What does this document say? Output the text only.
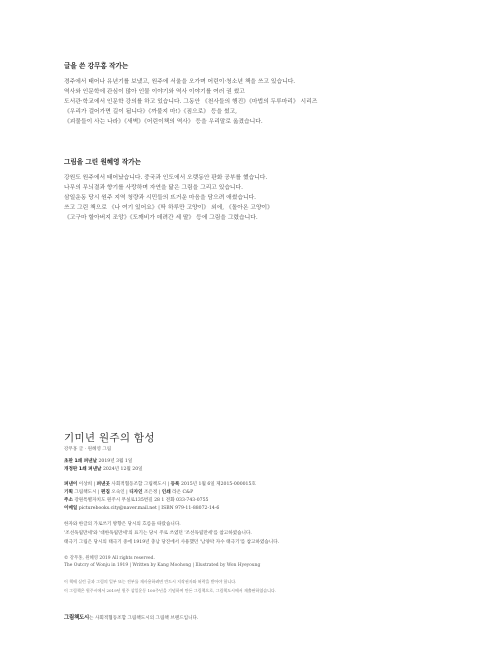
글을 쓴 강무홍 작가는
경주에서 태어나 유년기를 보냈고, 원주에 서울을 오가며 어린이·청소년 책을 쓰고 있습니다.
역사와 인문학에 관심이 많아 인물 이야기와 역사 이야기를 여러 권 썼고
도서관·학교에서 인문학 강의를 하고 있습니다. 그동안 《천사들의 행진》《마법의 두루마리》 시리즈
《우리가 걸어가면 길이 됩니다》《까불지 마!》《짐으로》 등을 썼고,
《괴물들이 사는 나라》《새벽》《어린이책의 역사》 등을 우리말로 옮겼습니다.
그림을 그린 원혜영 작가는
강원도 원주에서 태어났습니다. 중국과 인도에서 오랫동안 판화 공부를 했습니다.
나무의 무늬결과 향기를 사랑하며 자연을 닮은 그림을 그리고 있습니다.
삼일운동 당시 원주 지역 청량과 시민들의 뜨거운 마음을 담으려 애썼습니다.
쓰고 그린 책으로 《나 여기 있어요》《딱 하루만 고양이》 외에, 《돌아온 고양이》
《고구마 할아버지 조앙》《도깨비가 데려간 세 딸》 등에 그림을 그렸습니다.
기미년 원주의 함성
강무홍 글 · 원혜영 그림
초판 1쇄 펴낸날 2019년 3월 1일
개정판 1쇄 펴낸날 2024년 12월 20일
펴낸이 이상희 | 펴낸곳 사회적협동조합 그림책도시 | 등록 2015년 1월 6일 제2015-000015호
기획 그림책도시 | 편집 오숙인 | 디자인 조은정 | 인쇄 라온 C&P
주소 강원특별자치도 원주시 무실로135번길 28 1 전화 033-743-0755
이메일 picturebooks.city@naver.mail.net | ISBN 979-11-88072-14-6
한자와 한글의 가로쓰기 방향은 당시의 흐름을 따랐습니다.
'조선독립만세'와 '대한독립만세'의 표기는 당시 주로 쓰였던 '조선독립만세'를 참고하였습니다.
태극기 그림은 당시의 태극기 중에 1919년 충남 당진에서 사용했던 '남양팍 자수 태극기'를 참고하였습니다.
© 강무홍, 원혜영 2019 All rights reserved.
The Outcry of Wonju in 1919 | Written by Kang Moohong | Illustrated by Won Hyeyoung
이 책에 실린 글과 그림의 일부 또는 전부를 재사용하려면 반드시 저작권자와 허락을 받아야 합니다.
이 그림책은 원주시에서 2019년 원주 삼일운동 100주년을 기념하여 만든 그림책으로, 그림책도시에서 재출판하였습니다.
그림책도시는 사회적협동조합 그림책도시의 그림책 브랜드입니다.
